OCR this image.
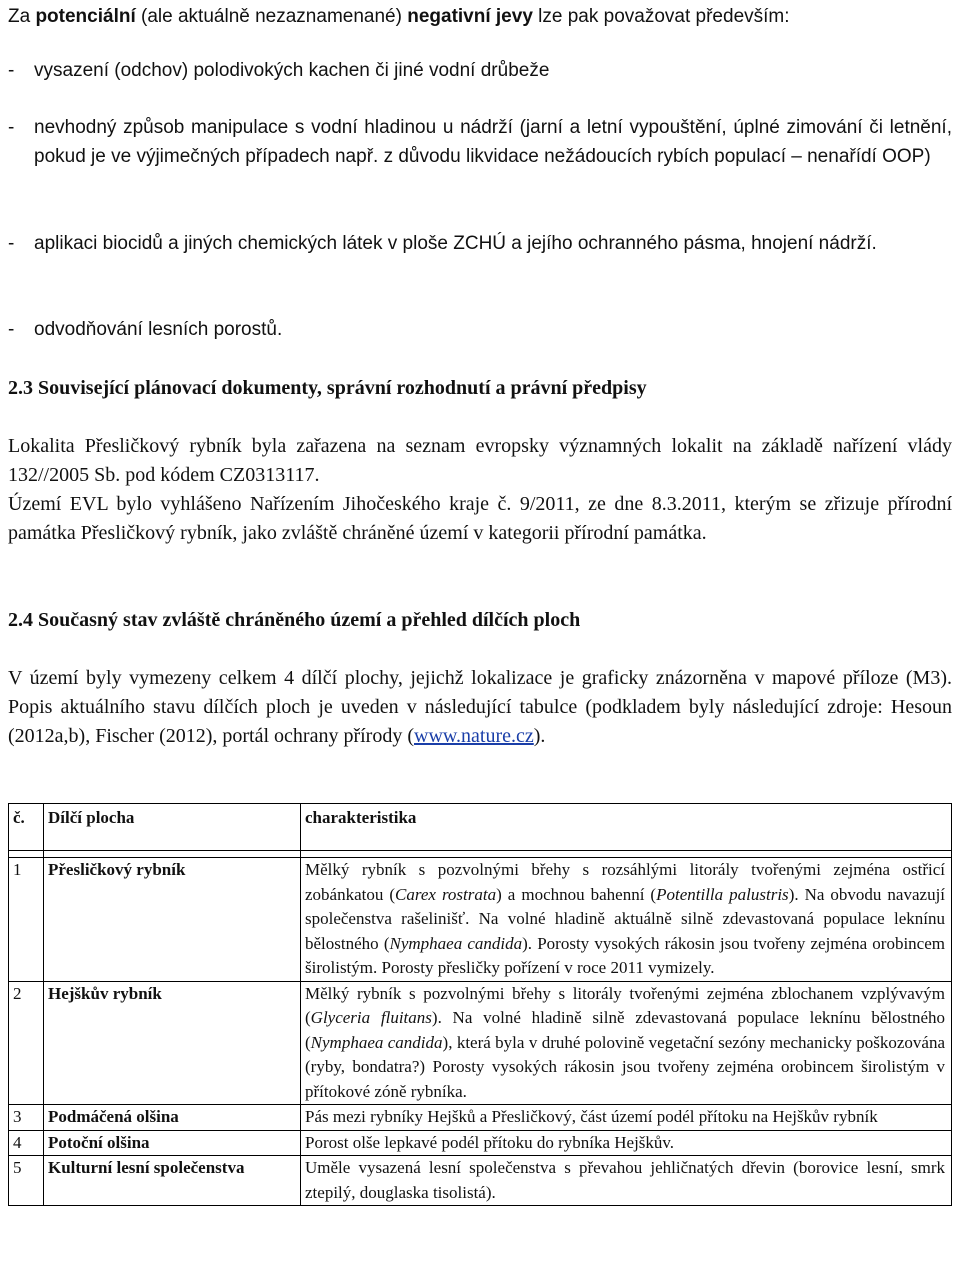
Za potenciální (ale aktuálně nezaznamenané) negativní jevy lze pak považovat především:

-	vysazení (odchov) polodivokých kachen či jiné vodní drůbeže
-	nevhodný způsob manipulace s vodní hladinou u nádrží (jarní a letní vypouštění, úplné zimování či letnění, pokud je ve výjimečných případech např. z důvodu likvidace nežádoucích rybích populací – nenařídí OOP)
-	aplikaci biocidů a jiných chemických látek v ploše ZCHÚ a jejího ochranného pásma, hnojení nádrží.
-	odvodňování lesních porostů.
2.3 Související plánovací dokumenty, správní rozhodnutí a právní předpisy

Lokalita Přesličkový rybník byla zařazena na seznam evropsky významných lokalit na základě nařízení vlády 132//2005 Sb. pod kódem CZ0313117.

Území EVL bylo vyhlášeno Nařízením Jihočeského kraje č. 9/2011, ze dne 8.3.2011, kterým se zřizuje přírodní památka Přesličkový rybník, jako zvláště chráněné území v kategorii přírodní památka.

2.4 Současný stav zvláště chráněného území a přehled dílčích ploch

V území byly vymezeny celkem 4 dílčí plochy, jejichž lokalizace je graficky znázorněna v mapové příloze (M3). Popis aktuálního stavu dílčích ploch je uveden v následující tabulce (podkladem byly následující zdroje: Hesoun (2012a,b), Fischer (2012), portál ochrany přírody (www.nature.cz).

č.	Dílčí plocha	charakteristika

1	Přesličkový rybník	Mělký rybník s pozvolnými břehy s rozsáhlými litorály tvořenými zejména ostřicí zobánkatou (Carex rostrata) a mochnou bahenní (Potentilla palustris). Na obvodu navazují společenstva rašelinišť. Na volné hladině aktuálně silně zdevastovaná populace leknínu bělostného (Nymphaea candida). Porosty vysokých rákosin jsou tvořeny zejména orobincem širolistým. Porosty přesličky pořízení v roce 2011 vymizely.
2	Hejškův rybník	Mělký rybník s pozvolnými břehy s litorály tvořenými zejména zblochanem vzplývavým (Glyceria fluitans). Na volné hladině silně zdevastovaná populace leknínu bělostného (Nymphaea candida), která byla v druhé polovině vegetační sezóny mechanicky poškozována (ryby, bondatra?) Porosty vysokých rákosin jsou tvořeny zejména orobincem širolistým v přítokové zóně rybníka.
3	Podmáčená olšina	Pás mezi rybníky Hejšků a Přesličkový, část území podél přítoku na Hejškův rybník
4	Potoční olšina	Porost olše lepkavé podél přítoku do rybníka Hejškův.
5	Kulturní lesní společenstva	Uměle vysazená lesní společenstva s převahou jehličnatých dřevin (borovice lesní, smrk ztepilý, douglaska tisolistá).
